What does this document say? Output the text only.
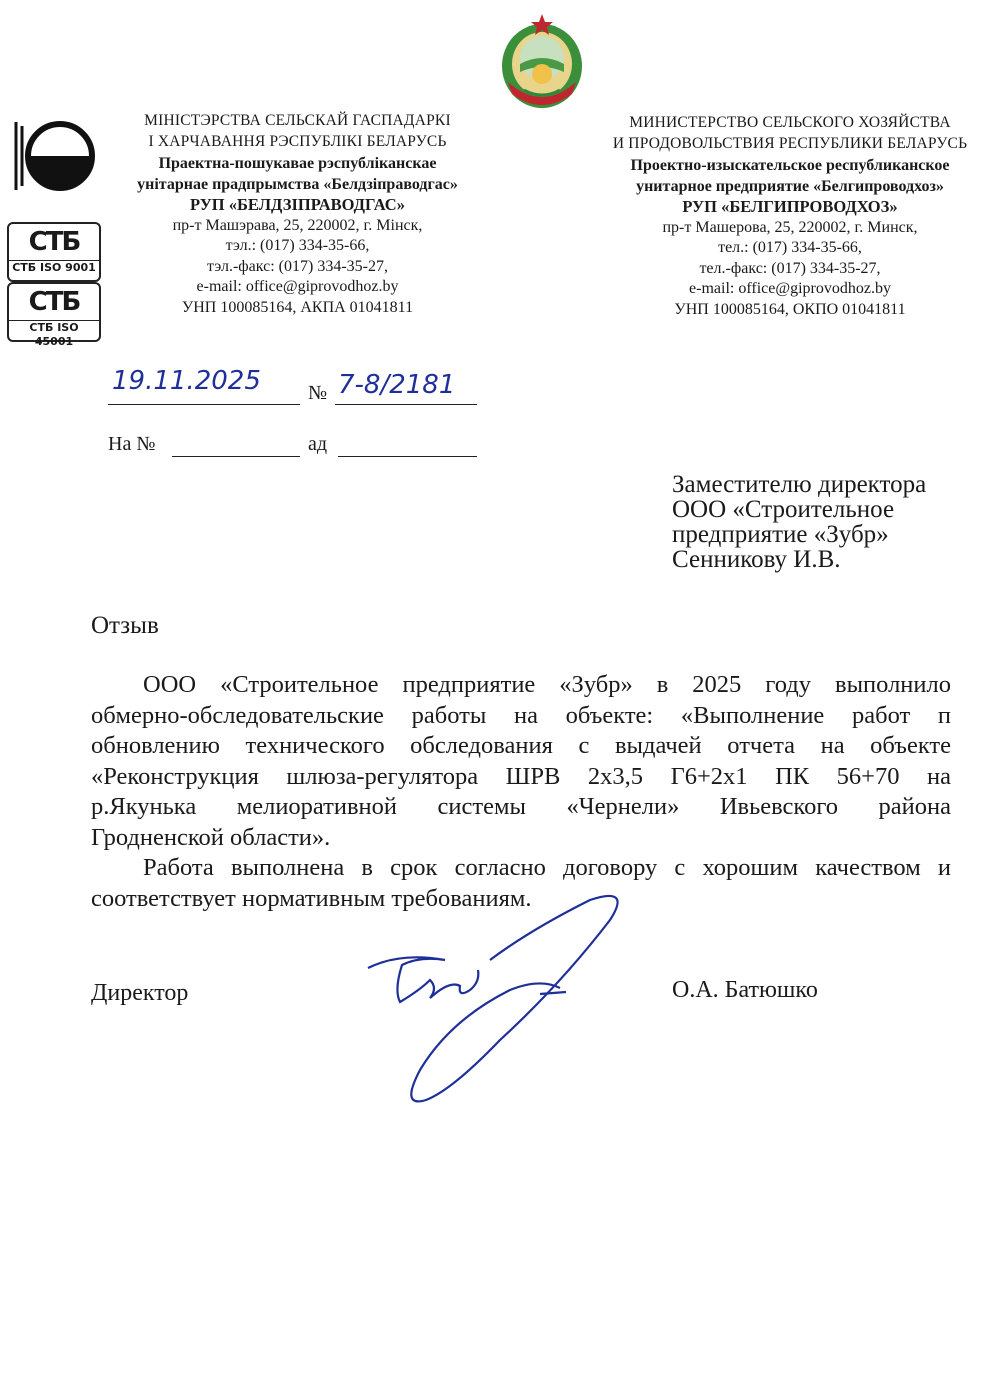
СТБ
СТБ ISO 9001
СТБ
СТБ ISO 45001
МІНІСТЭРСТВА СЕЛЬСКАЙ ГАСПАДАРКІ
І ХАРЧАВАННЯ РЭСПУБЛІКІ БЕЛАРУСЬ
Праектна-пошукавае рэспубліканскае
унітарнае прадпрымства «Белдзіправодгас»
РУП «БЕЛДЗІПРАВОДГАС»
пр-т Машэрава, 25, 220002, г. Мінск,
тэл.: (017) 334-35-66,
тэл.-факс: (017) 334-35-27,
e-mail: office@giprovodhoz.by
УНП 100085164, АКПА 01041811
МИНИСТЕРСТВО СЕЛЬСКОГО ХОЗЯЙСТВА
И ПРОДОВОЛЬСТВИЯ РЕСПУБЛИКИ БЕЛАРУСЬ
Проектно-изыскательское республиканское
унитарное предприятие «Белгипроводхоз»
РУП «БЕЛГИПРОВОДХОЗ»
пр-т Машерова, 25, 220002, г. Минск,
тел.: (017) 334-35-66,
тел.-факс: (017) 334-35-27,
e-mail: office@giprovodhoz.by
УНП 100085164, ОКПО 01041811
19.11.2025 № 7-8/2181
На №	ад
Заместителю директора
ООО «Строительное
предприятие «Зубр»
Сенникову И.В.
Отзыв
ООО «Строительное предприятие «Зубр» в 2025 году выполнило
обмерно-обследовательские работы на объекте: «Выполнение работ п
обновлению технического обследования с выдачей отчета на объекте
«Реконструкция шлюза-регулятора ШРВ 2х3,5 Г6+2х1 ПК 56+70 на
р.Якунька мелиоративной системы «Чернели» Ивьевского района
Гродненской области».
Работа выполнена в срок согласно договору с хорошим качеством и
соответствует нормативным требованиям.
Директор	О.А. Батюшко
